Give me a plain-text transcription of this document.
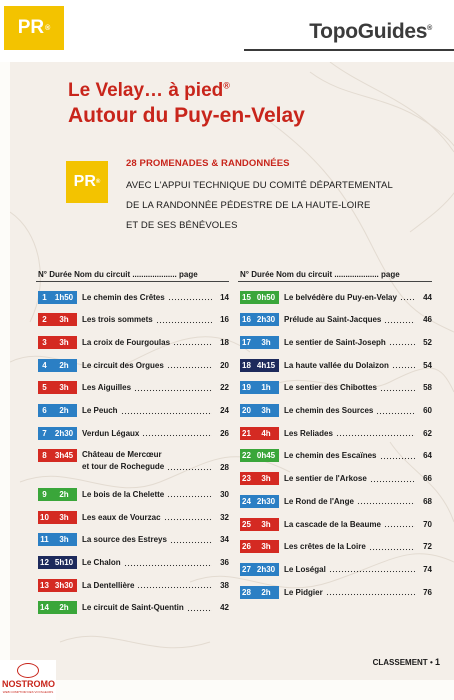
PR ®	TopoGuides®
Le Velay… à pied®
Autour du Puy-en-Velay
PR ®
28 PROMENADES & RANDONNÉES
AVEC L'APPUI TECHNIQUE DU COMITÉ DÉPARTEMENTAL
DE LA RANDONNÉE PÉDESTRE DE LA HAUTE-LOIRE
ET DE SES BÉNÉVOLES
N° Durée Nom du circuit .................... page	N° Durée Nom du circuit .................... page
1	1h50	Le chemin des Crêtes	14
2	3h	Les trois sommets	16
3	3h	La croix de Fourgoulas	18
4	2h	Le circuit des Orgues	20
5	3h	Les Aiguilles	22
6	2h	Le Peuch	24
7	2h30	Verdun Légaux	26
8	3h45	Château de Mercœur
et tour de Rochegude	28
9	2h	Le bois de la Chelette	30
10	3h	Les eaux de Vourzac	32
11	3h	La source des Estreys	34
12 5h10	Le Chalon	36
13 3h30	La Dentellière	38
14	2h	Le circuit de Saint-Quentin	42
15 0h50	Le belvédère du Puy-en-Velay	44
16 2h30	Prélude au Saint-Jacques	46
17	3h	Le sentier de Saint-Joseph	52
18 4h15	La haute vallée du Dolaizon	54
19	1h	Le sentier des Chibottes	58
20	3h	Le chemin des Sources	60
21	4h	Les Reliades	62
22 0h45	Le chemin des Escaïnes	64
23	3h	Le sentier de l'Arkose	66
24 2h30	Le Rond de l'Ange	68
25	3h	La cascade de la Beaume	70
26	3h	Les crêtes de la Loire	72
27 2h30	Le Loségal	74
28	2h	Le Pidgier	76
CLASSEMENT • 1
NOSTROMO
WEB COMPTOIR DES VOYAGEURS
